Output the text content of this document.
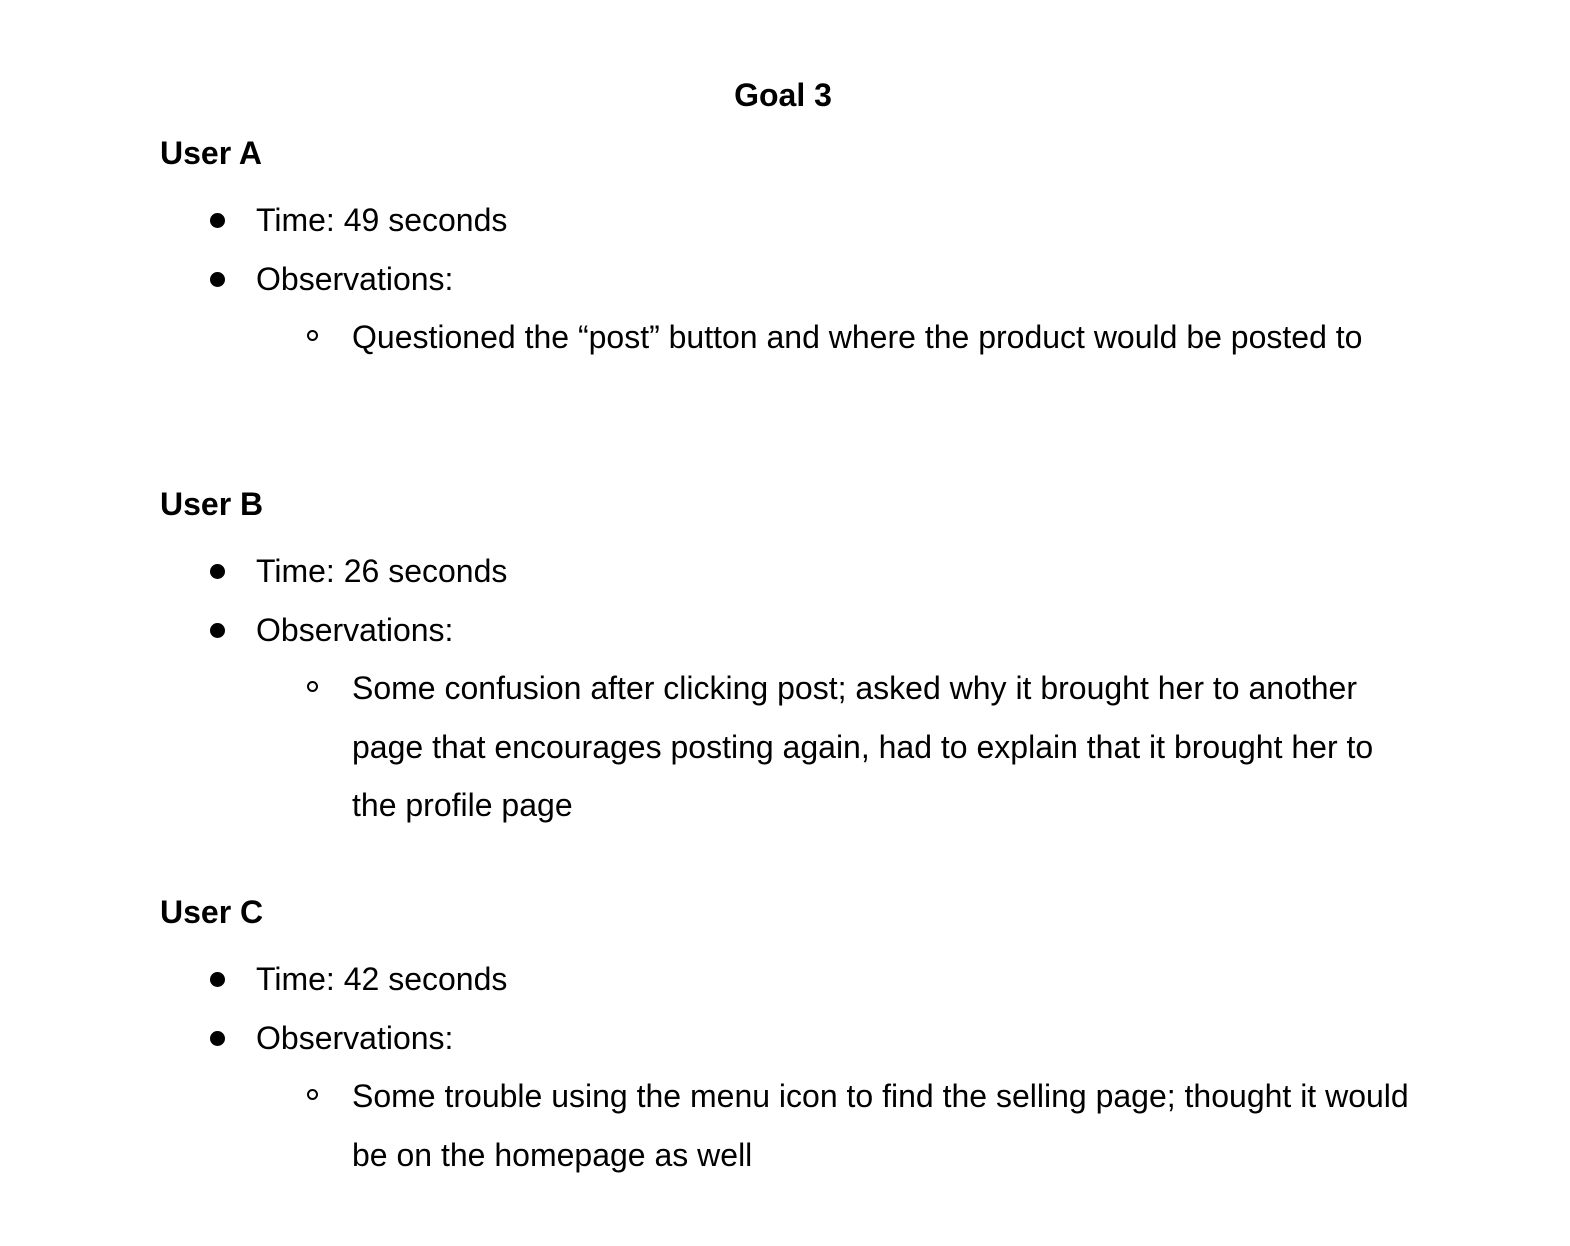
Goal 3
User A
Time: 49 seconds
Observations:
Questioned the “post” button and where the product would be posted to
User B
Time: 26 seconds
Observations:
Some confusion after clicking post; asked why it brought her to another page that encourages posting again, had to explain that it brought her to the profile page
User C
Time: 42 seconds
Observations:
Some trouble using the menu icon to find the selling page; thought it would be on the homepage as well
